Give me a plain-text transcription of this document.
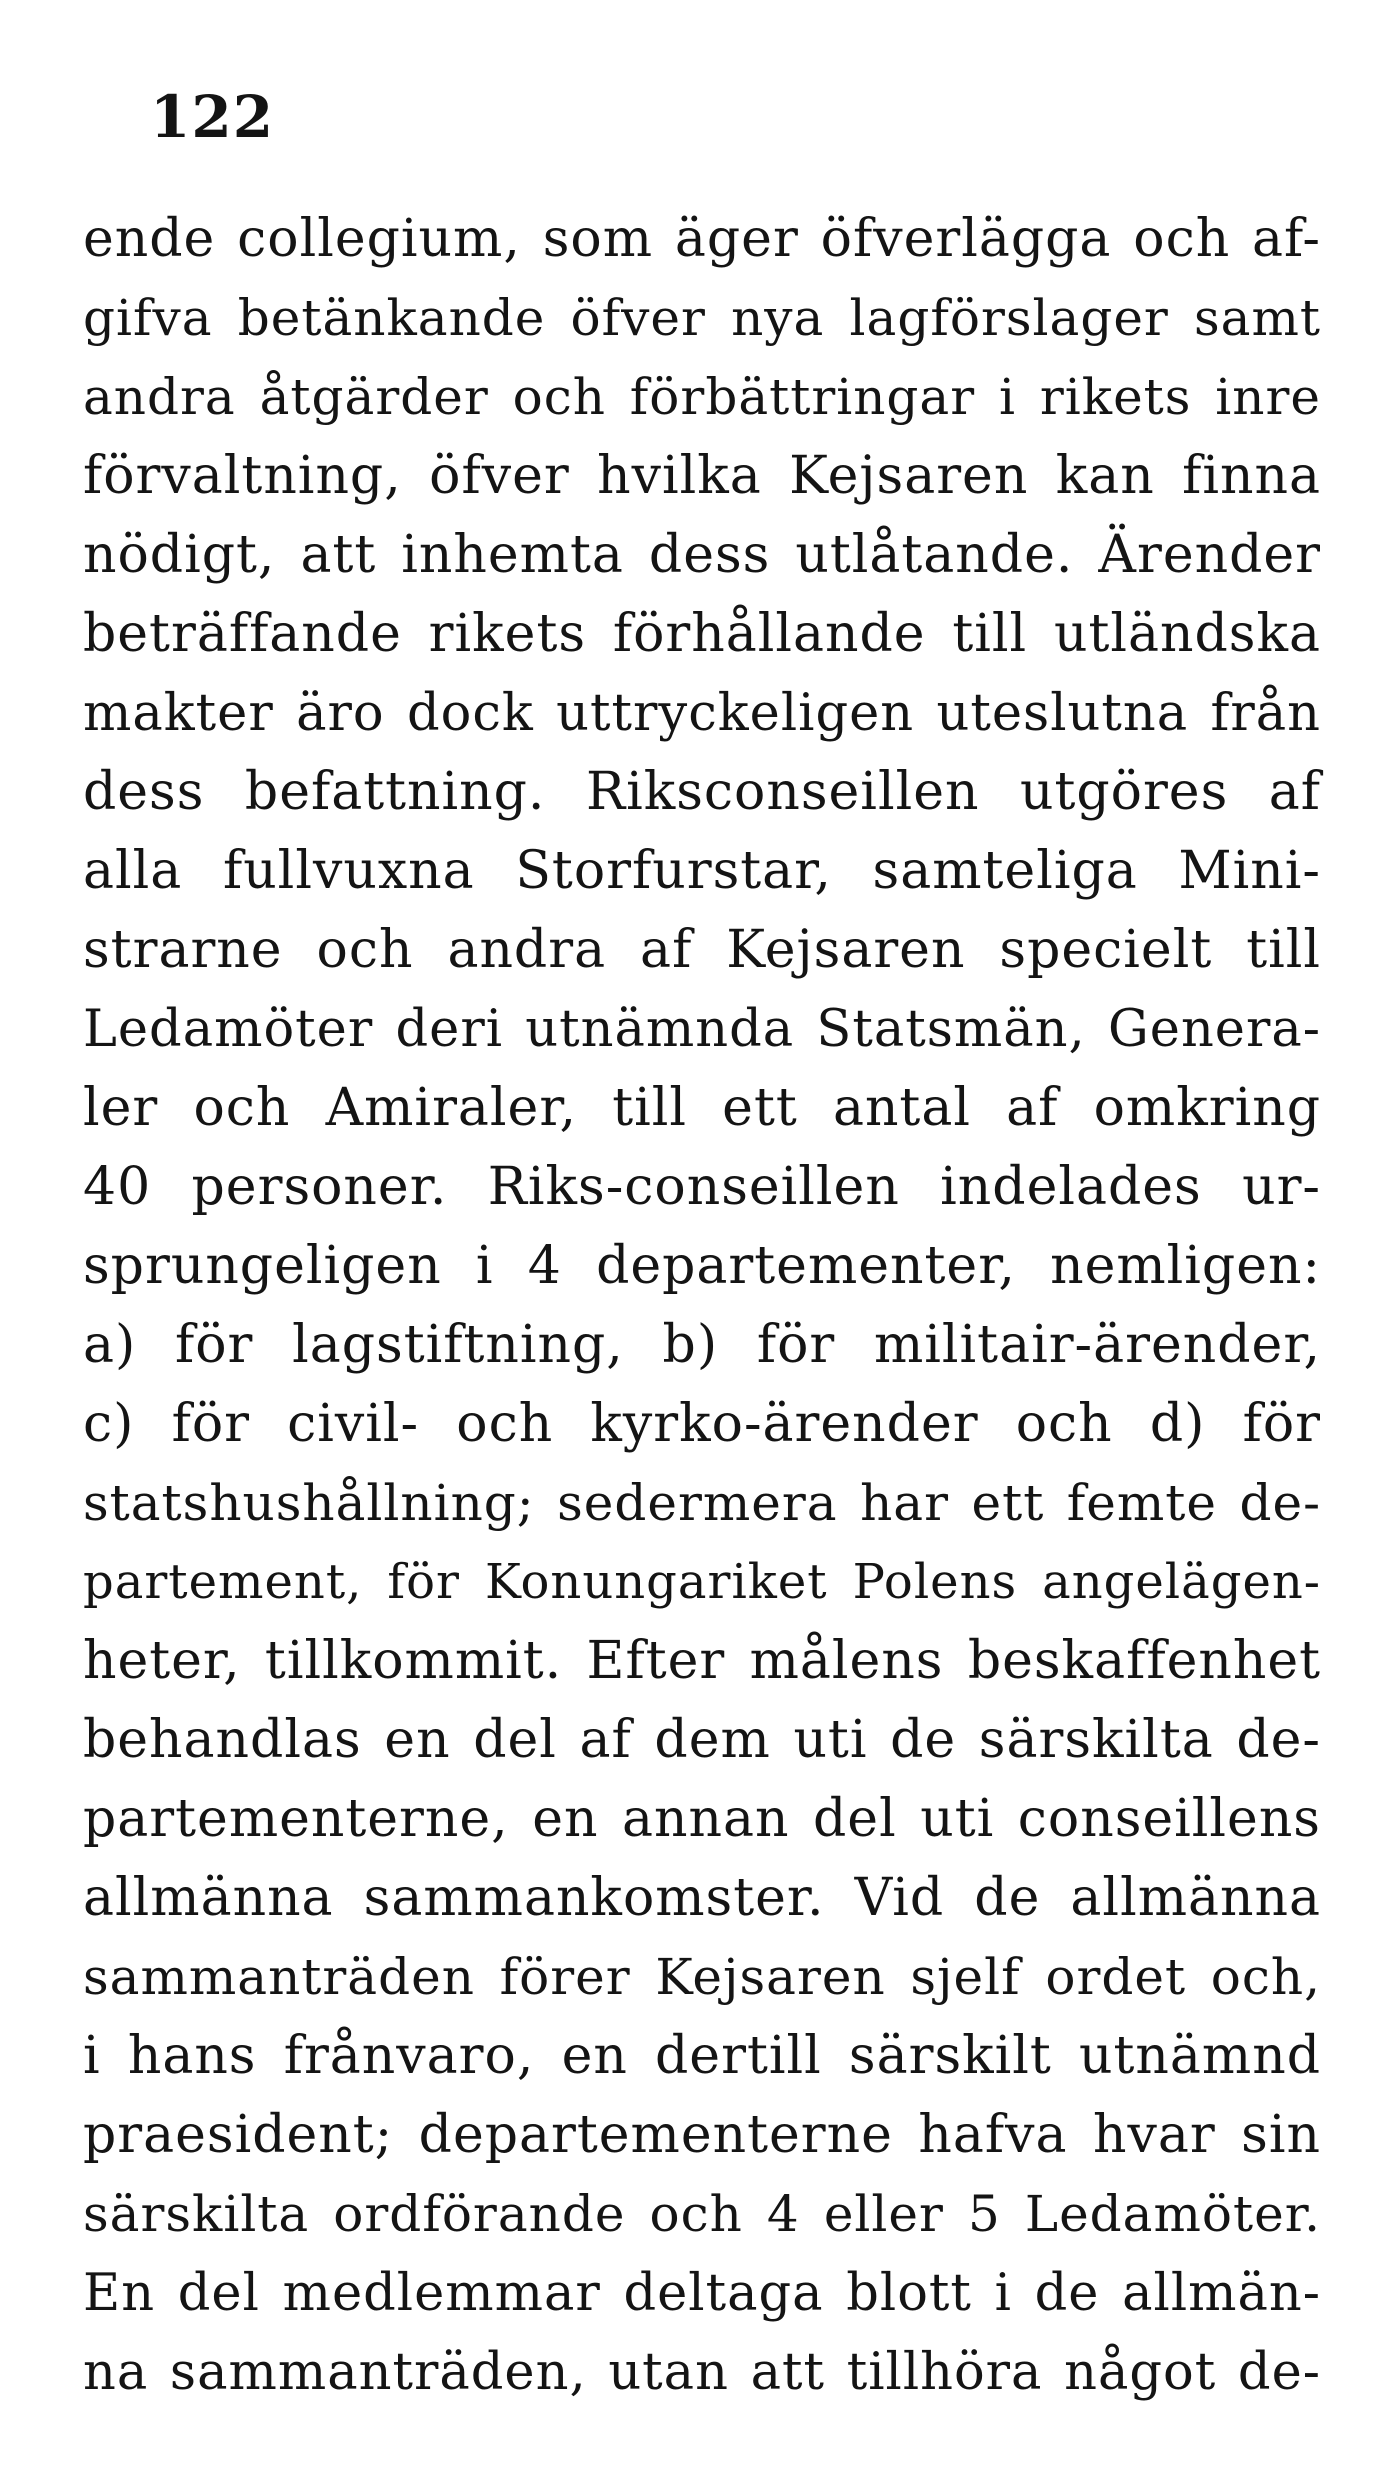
122
ende collegium, som äger öfverlägga och af-
gifva betänkande öfver nya lagförslager samt
andra åtgärder och förbättringar i rikets inre
förvaltning, öfver hvilka Kejsaren kan finna
nödigt, att inhemta dess utlåtande. Ärender
beträffande rikets förhållande till utländska
makter äro dock uttryckeligen uteslutna från
dess befattning. Riksconseillen utgöres af
alla fullvuxna Storfurstar, samteliga Mini-
strarne och andra af Kejsaren specielt till
Ledamöter deri utnämnda Statsmän, Genera-
ler och Amiraler, till ett antal af omkring
40 personer. Riks-conseillen indelades ur-
sprungeligen i 4 departementer, nemligen:
a) för lagstiftning, b) för militair-ärender,
c) för civil- och kyrko-ärender och d) för
statshushållning; sedermera har ett femte de-
partement, för Konungariket Polens angelägen-
heter, tillkommit. Efter målens beskaffenhet
behandlas en del af dem uti de särskilta de-
partementerne, en annan del uti conseillens
allmänna sammankomster. Vid de allmänna
sammanträden förer Kejsaren sjelf ordet och,
i hans frånvaro, en dertill särskilt utnämnd
praesident; departementerne hafva hvar sin
särskilta ordförande och 4 eller 5 Ledamöter.
En del medlemmar deltaga blott i de allmän-
na sammanträden, utan att tillhöra något de-
